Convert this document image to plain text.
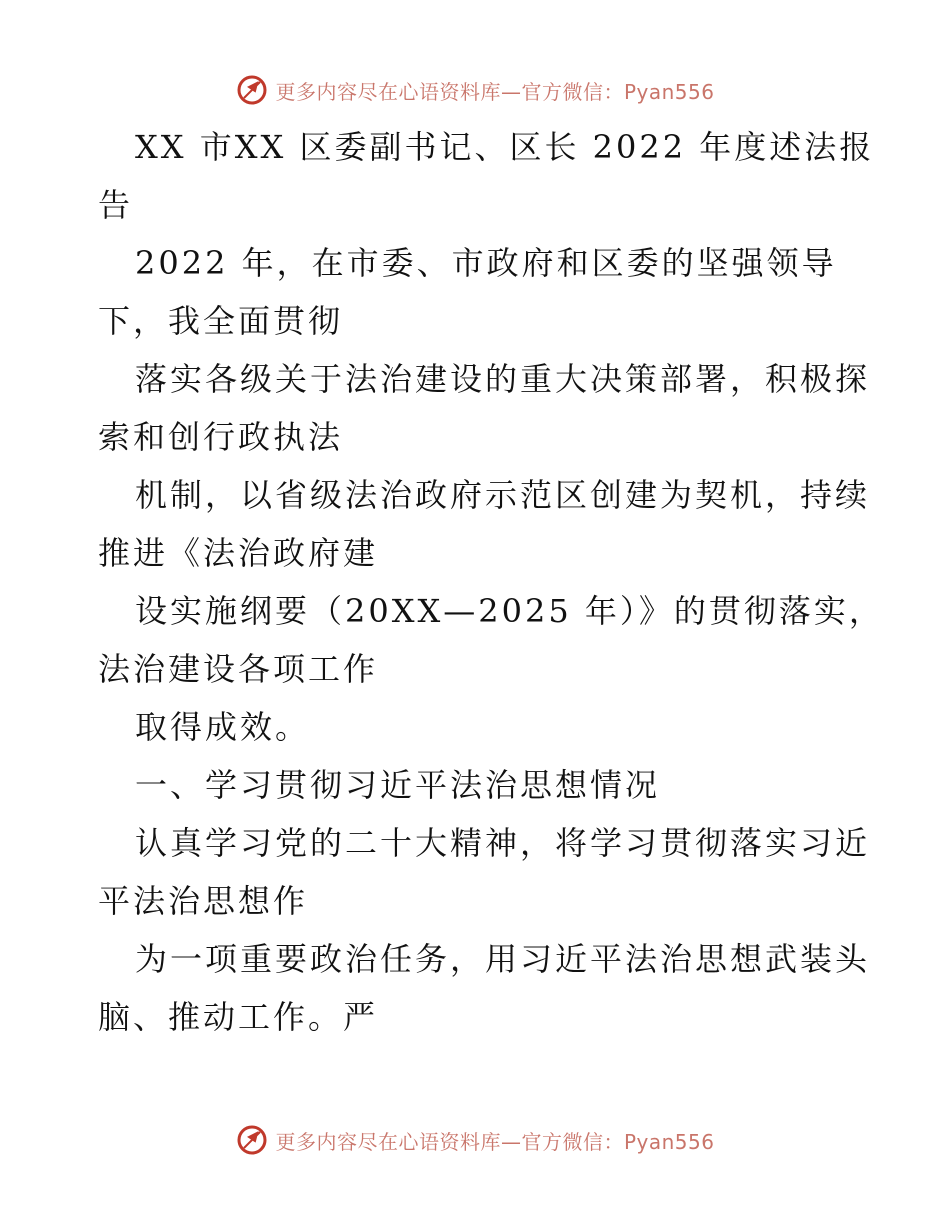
更多内容尽在心语资料库—官方微信：Pyan556
XX 市XX 区委副书记、区长 2022 年度述法报
告
2022 年，在市委、市政府和区委的坚强领导
下，我全面贯彻
落实各级关于法治建设的重大决策部署，积极探
索和创行政执法
机制，以省级法治政府示范区创建为契机，持续
推进《法治政府建
设实施纲要（20XX—2025 年）》的贯彻落实，
法治建设各项工作
取得成效。
一、学习贯彻习近平法治思想情况
认真学习党的二十大精神，将学习贯彻落实习近
平法治思想作
为一项重要政治任务，用习近平法治思想武装头
脑、推动工作。严
更多内容尽在心语资料库—官方微信：Pyan556
